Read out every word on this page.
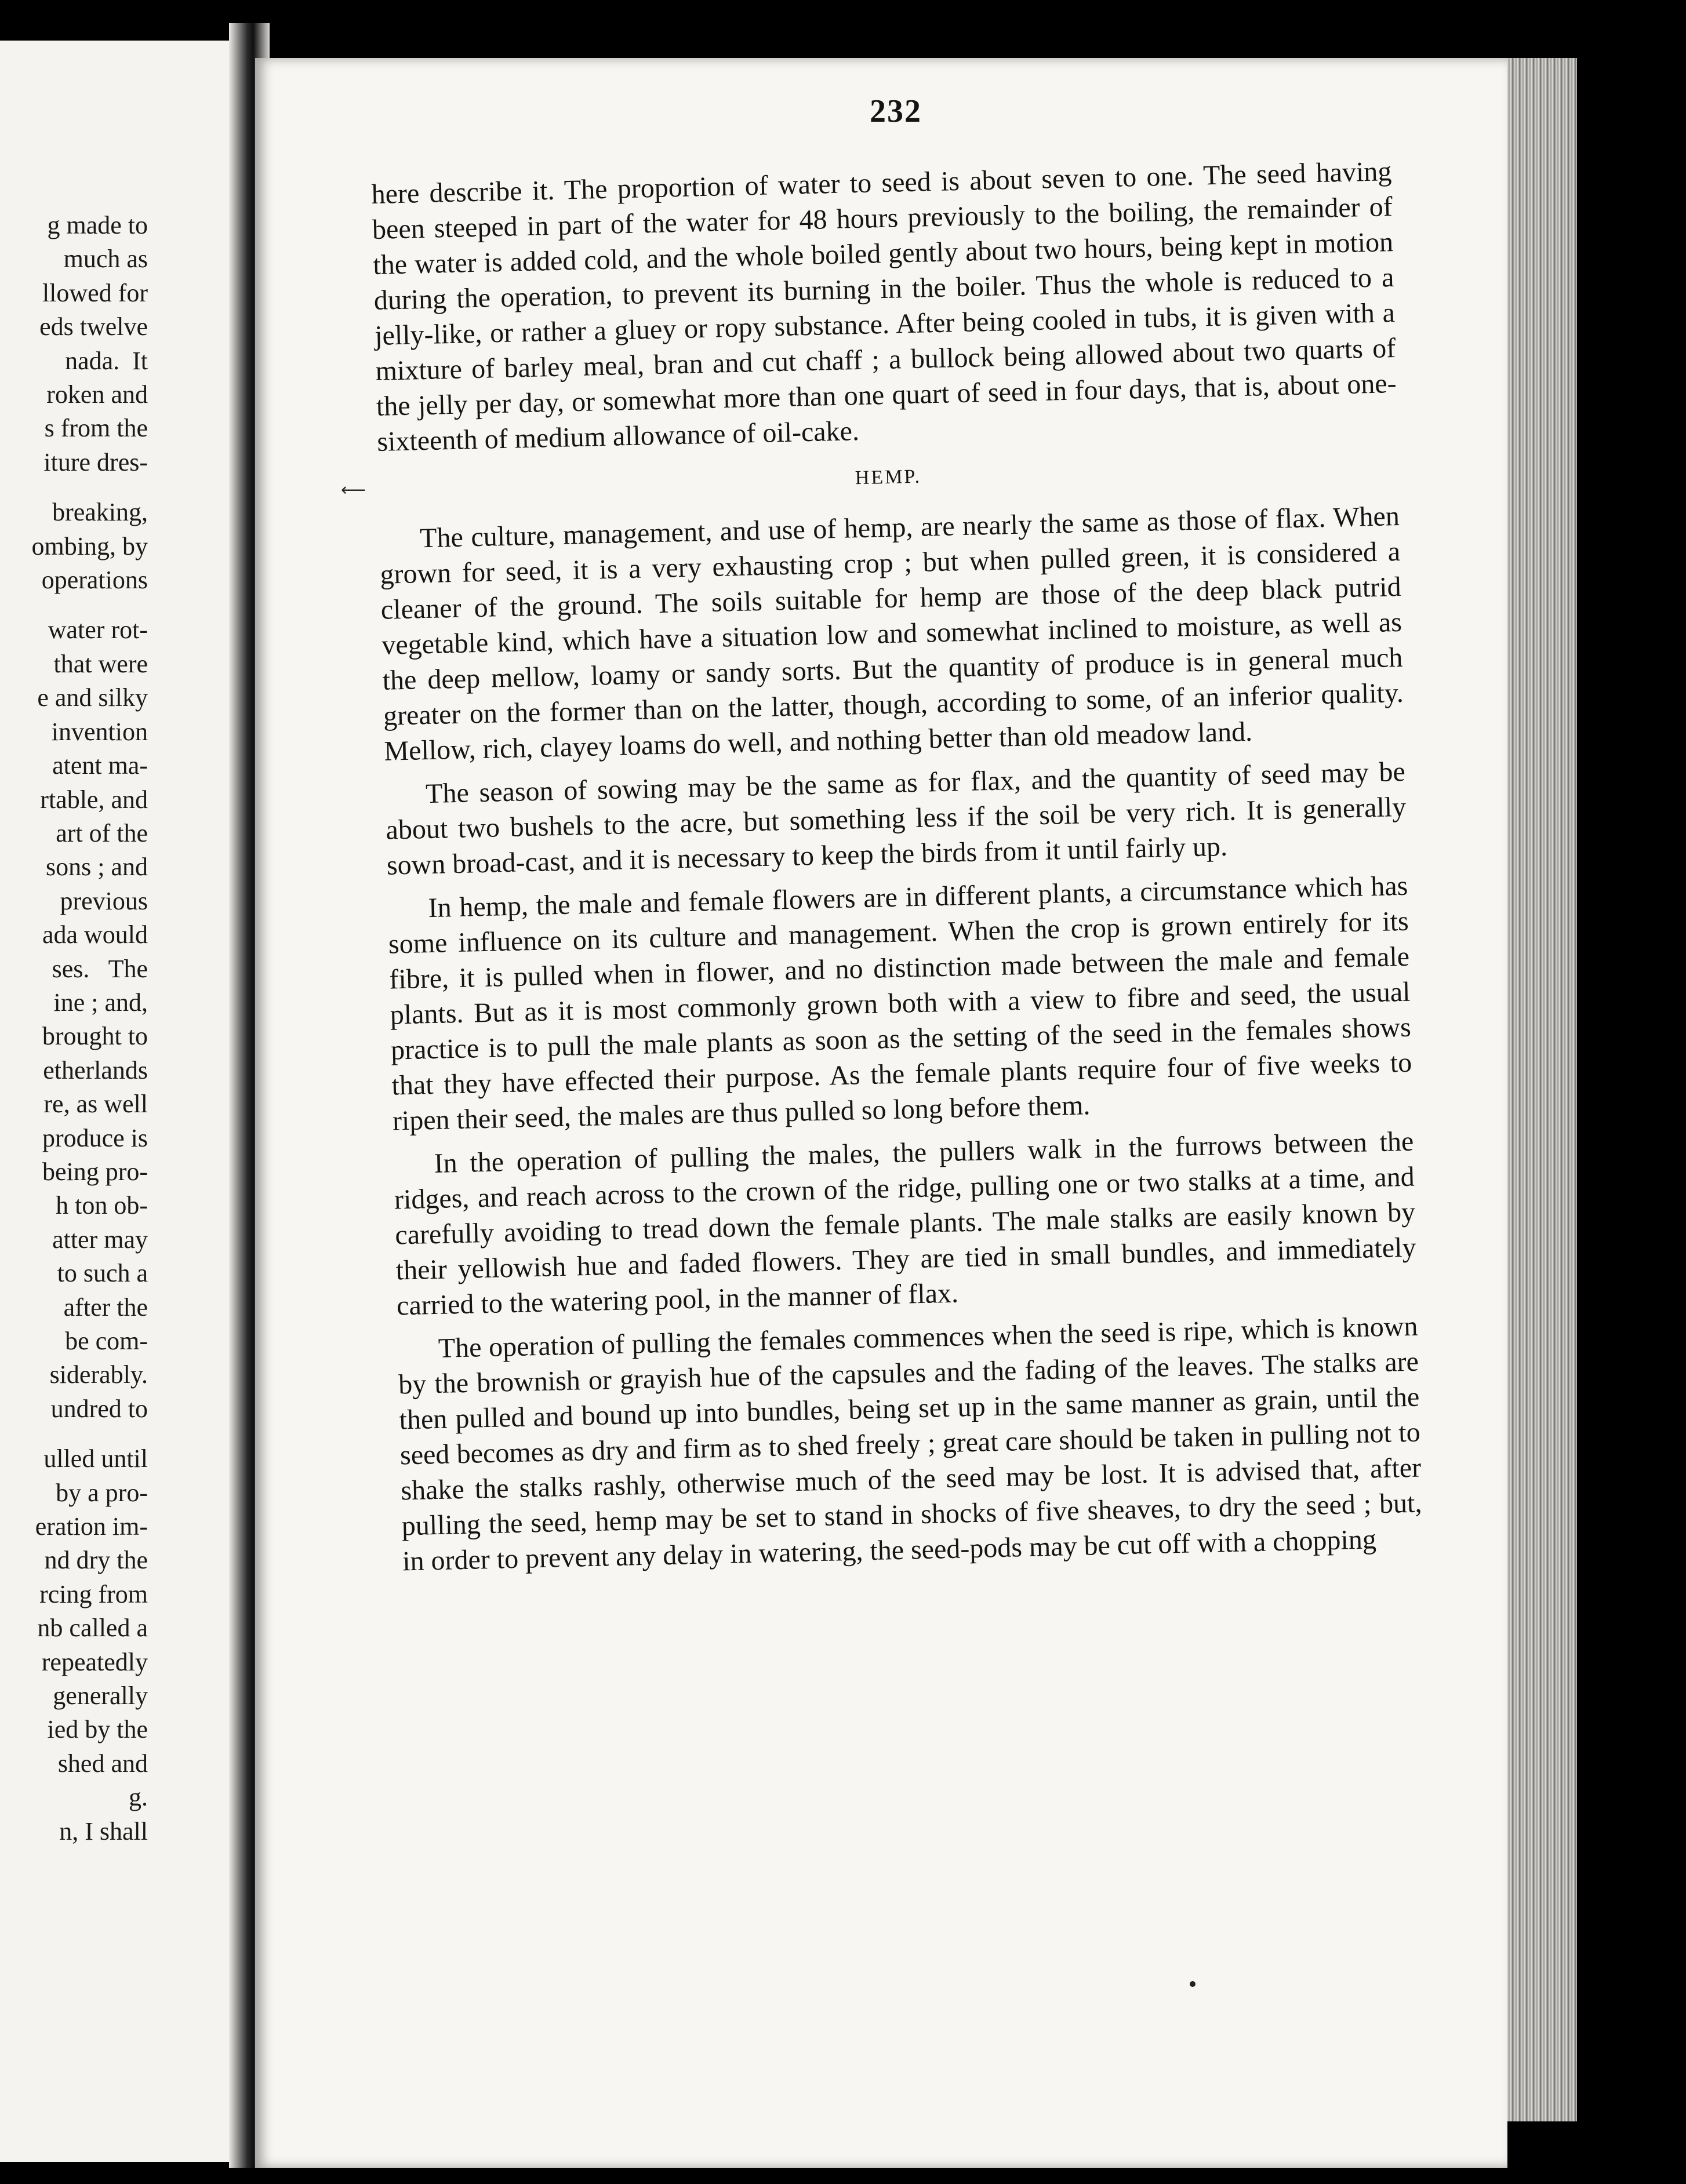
g made to
much as
llowed for
eds twelve
nada.  It
roken and
s from the
iture dres-
breaking,
ombing, by
operations
water rot-
that were
e and silky
invention
atent ma-
rtable, and
art of the
sons ; and
previous
ada would
ses.   The
ine ; and,
brought to
etherlands
re, as well
produce is
being pro-
h ton ob-
atter may
to such a
after the
be com-
siderably.
undred to
ulled until
by a pro-
eration im-
nd dry the
rcing from
nb called a
repeatedly
generally
ied by the
shed and
g.
n, I shall
232
⟵

here describe it. The proportion of water to seed is about seven to one. The seed having been steeped in part of the water for 48 hours previously to the boiling, the remainder of the water is added cold, and the whole boiled gently about two hours, being kept in motion during the operation, to prevent its burning in the boiler. Thus the whole is reduced to a jelly-like, or rather a gluey or ropy substance. After being cooled in tubs, it is given with a mixture of barley meal, bran and cut chaff ; a bullock being allowed about two quarts of the jelly per day, or somewhat more than one quart of seed in four days, that is, about one-sixteenth of medium allowance of oil-cake.

HEMP.

The culture, management, and use of hemp, are nearly the same as those of flax. When grown for seed, it is a very exhausting crop ; but when pulled green, it is considered a cleaner of the ground. The soils suitable for hemp are those of the deep black putrid vegetable kind, which have a situation low and somewhat inclined to moisture, as well as the deep mellow, loamy or sandy sorts. But the quantity of produce is in general much greater on the former than on the latter, though, according to some, of an inferior quality. Mellow, rich, clayey loams do well, and nothing better than old meadow land.

The season of sowing may be the same as for flax, and the quantity of seed may be about two bushels to the acre, but something less if the soil be very rich. It is generally sown broad-cast, and it is necessary to keep the birds from it until fairly up.

In hemp, the male and female flowers are in different plants, a circumstance which has some influence on its culture and management. When the crop is grown entirely for its fibre, it is pulled when in flower, and no distinction made between the male and female plants. But as it is most commonly grown both with a view to fibre and seed, the usual practice is to pull the male plants as soon as the setting of the seed in the females shows that they have effected their purpose. As the female plants require four of five weeks to ripen their seed, the males are thus pulled so long before them.

In the operation of pulling the males, the pullers walk in the furrows between the ridges, and reach across to the crown of the ridge, pulling one or two stalks at a time, and carefully avoiding to tread down the female plants. The male stalks are easily known by their yellowish hue and faded flowers. They are tied in small bundles, and immediately carried to the watering pool, in the manner of flax.

The operation of pulling the females commences when the seed is ripe, which is known by the brownish or grayish hue of the capsules and the fading of the leaves. The stalks are then pulled and bound up into bundles, being set up in the same manner as grain, until the seed becomes as dry and firm as to shed freely ; great care should be taken in pulling not to shake the stalks rashly, otherwise much of the seed may be lost. It is advised that, after pulling the seed, hemp may be set to stand in shocks of five sheaves, to dry the seed ; but, in order to prevent any delay in watering, the seed-pods may be cut off with a chopping
